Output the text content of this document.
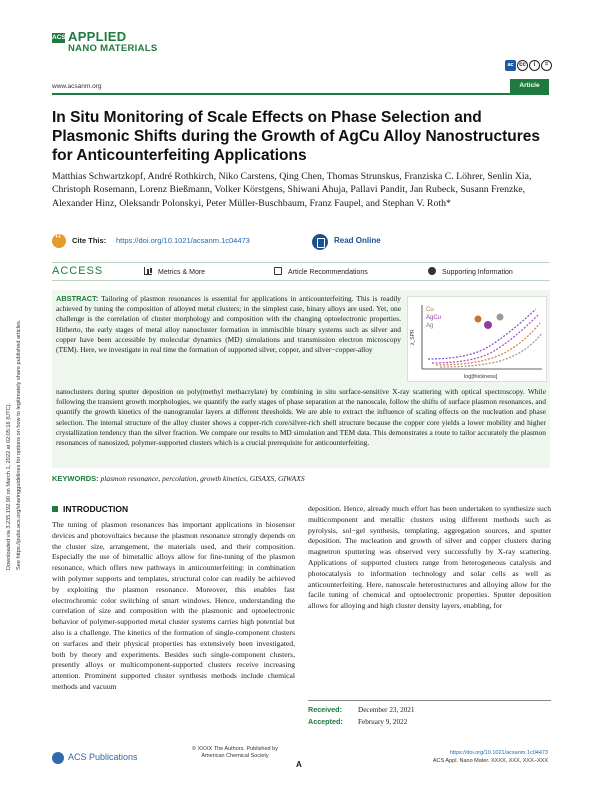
Downloaded via 3.235.192.90 on March 1, 2022 at 02:05:16 (UTC). See https://pubs.acs.org/sharingguidelines for options on how to legitimately share published articles.
ACS APPLIED
NANO MATERIALS
ac cc	i	=
www.acsanm.org	Article
In Situ Monitoring of Scale Effects on Phase Selection and Plasmonic Shifts during the Growth of AgCu Alloy Nanostructures for Anticounterfeiting Applications
Matthias Schwartzkopf, André Rothkirch, Niko Carstens, Qing Chen, Thomas Strunskus, Franziska C. Löhrer, Senlin Xia, Christoph Rosemann, Lorenz Bießmann, Volker Körstgens, Shiwani Ahuja, Pallavi Pandit, Jan Rubeck, Susann Frenzke, Alexander Hinz, Oleksandr Polonskyi, Peter Müller-Buschbaum, Franz Faupel, and Stephan V. Roth*
“
Cite This: https://doi.org/10.1021/acsanm.1c04473	Read Online
ACCESS	Metrics & More	Article Recommendations	Supporting Information

ABSTRACT: Tailoring of plasmon resonances is essential for applications in anticounterfeiting. This is readily achieved by tuning the composition of alloyed metal clusters; in the simplest case, binary alloys are used. Yet, one challenge is the correlation of cluster morphology and composition with the changing optoelectronic properties. Hitherto, the early stages of metal alloy nanocluster formation in immiscible binary systems such as silver and copper have been accessible by molecular dynamics (MD) simulations and transmission electron microscopy (TEM). Here, we investigate in real time the formation of supported silver, copper, and silver−copper-alloy

nanoclusters during sputter deposition on poly(methyl methacrylate) by combining in situ surface-sensitive X-ray scattering with optical spectroscopy. While following the transient growth morphologies, we quantify the early stages of phase separation at the nanoscale, follow the shifts of surface plasmon resonances, and quantify the growth kinetics of the nanogranular layers at different thresholds. We are able to extract the influence of scaling effects on the nucleation and phase selection. The internal structure of the alloy cluster shows a copper-rich core/silver-rich shell structure because the copper core yields a lower mobility and higher crystallization tendency than the silver fraction. We compare our results to MD simulation and TEM data. This demonstrates a route to tailor accurately the plasmon resonances of nanosized, polymer-supported clusters which is a crucial prerequisite for anticounterfeiting.

Cu
AgCu
Ag
λ_SPR
log[thickness]
KEYWORDS: plasmon resonance, percolation, growth kinetics, GISAXS, GIWAXS
INTRODUCTION

The tuning of plasmon resonances has important applications in biosensor devices and photovoltaics because the plasmon resonance strongly depends on the cluster size, arrangement, the materials used, and their composition. Especially the use of bimetallic alloys allow for fine-tuning of the plasmon resonance, which offers new pathways in anticounterfeiting: in combination with polymer supports and templates, structural color can readily be achieved by exploiting the plasmon resonance. Moreover, this enables fast electrochromic color switching of smart windows. Hence, understanding the correlation of size and composition with the plasmonic and optoelectronic behavior of polymer-supported metal cluster systems carries high potential but also is a challenge. The kinetics of the formation of single-component clusters on surfaces and their physical properties has extensively been investigated, both by theory and experiments. Besides such single-component clusters, presently alloys or multicomponent-supported clusters receive increasing attention. Prominent supported cluster synthesis methods include chemical methods and vacuum

deposition. Hence, already much effort has been undertaken to synthesize such multicomponent and metallic clusters using different methods such as pyrolysis, sol−gel synthesis, templating, aggregation sources, and sputter deposition. The nucleation and growth of silver and copper clusters during magnetron sputtering was observed very successfully by X-ray scattering. Applications of supported clusters range from heterogeneous catalysis and photocatalysis to information technology and solar cells as well as anticounterfeiting. Here, nanoscale heterostructures and alloying allow for the facile tuning of chemical and optoelectronic properties. Sputter deposition allows for alloying and high cluster density layers, enabling, for

Received: December 23, 2021
Accepted: February 9, 2022
ACS Publications
© XXXX The Authors. Published by American Chemical Society
A
https://doi.org/10.1021/acsanm.1c04473
ACS Appl. Nano Mater. XXXX, XXX, XXX−XXX
